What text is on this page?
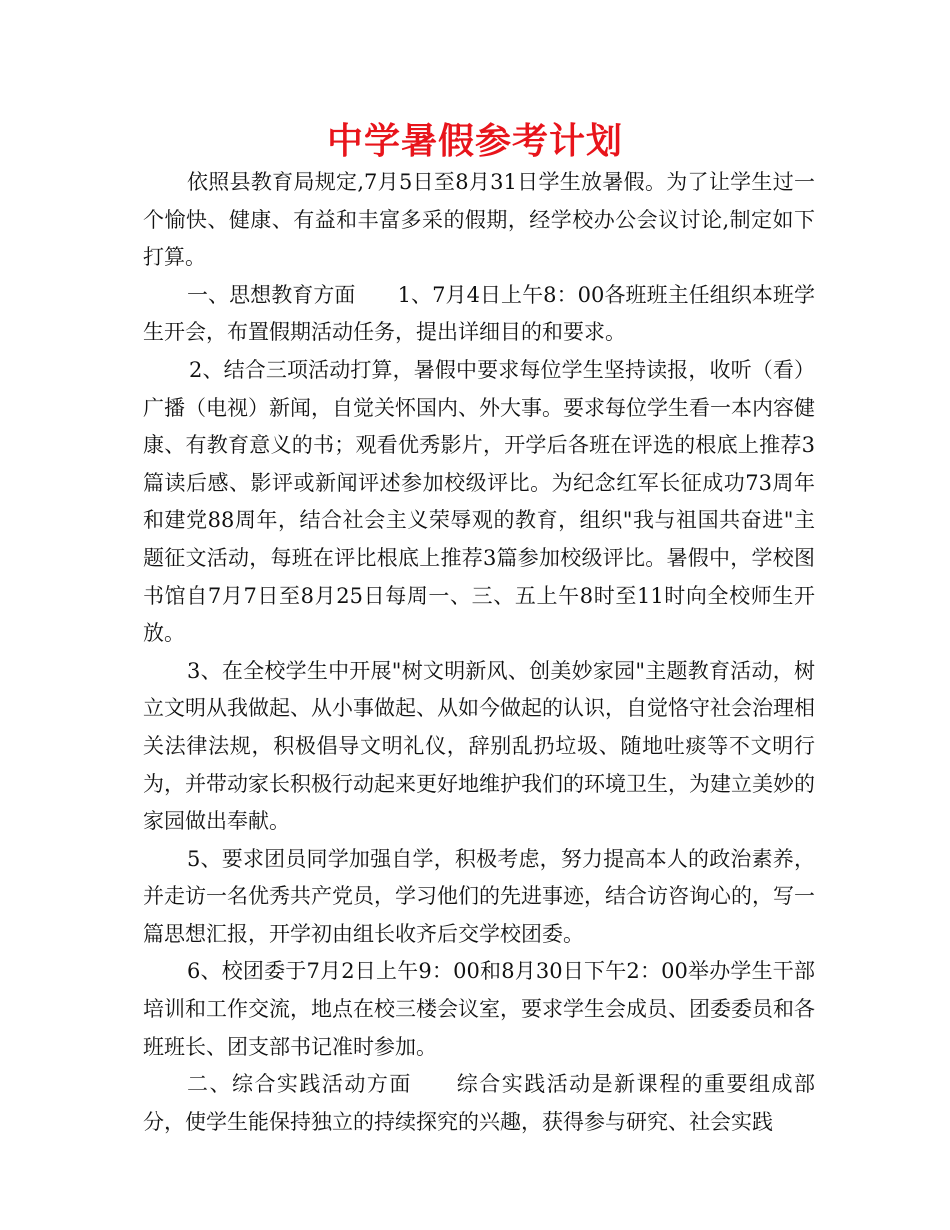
中学暑假参考计划

依照县教育局规定,7月5日至8月31日学生放暑假。为了让学生过一个愉快、健康、有益和丰富多采的假期，经学校办公会议讨论,制定如下打算。

一、思想教育方面　　1、7月4日上午8：00各班班主任组织本班学生开会，布置假期活动任务，提出详细目的和要求。

2、结合三项活动打算，暑假中要求每位学生坚持读报，收听（看）广播（电视）新闻，自觉关怀国内、外大事。要求每位学生看一本内容健康、有教育意义的书；观看优秀影片，开学后各班在评选的根底上推荐3篇读后感、影评或新闻评述参加校级评比。为纪念红军长征成功73周年和建党88周年，结合社会主义荣辱观的教育，组织"我与祖国共奋进"主题征文活动，每班在评比根底上推荐3篇参加校级评比。暑假中，学校图书馆自7月7日至8月25日每周一、三、五上午8时至11时向全校师生开放。

3、在全校学生中开展"树文明新风、创美妙家园"主题教育活动，树立文明从我做起、从小事做起、从如今做起的认识，自觉恪守社会治理相关法律法规，积极倡导文明礼仪，辞别乱扔垃圾、随地吐痰等不文明行为，并带动家长积极行动起来更好地维护我们的环境卫生，为建立美妙的家园做出奉献。

5、要求团员同学加强自学，积极考虑，努力提高本人的政治素养，并走访一名优秀共产党员，学习他们的先进事迹，结合访咨询心的，写一篇思想汇报，开学初由组长收齐后交学校团委。

6、校团委于7月2日上午9：00和8月30日下午2：00举办学生干部培训和工作交流，地点在校三楼会议室，要求学生会成员、团委委员和各班班长、团支部书记准时参加。

二、综合实践活动方面　　综合实践活动是新课程的重要组成部分，使学生能保持独立的持续探究的兴趣，获得参与研究、社会实践
